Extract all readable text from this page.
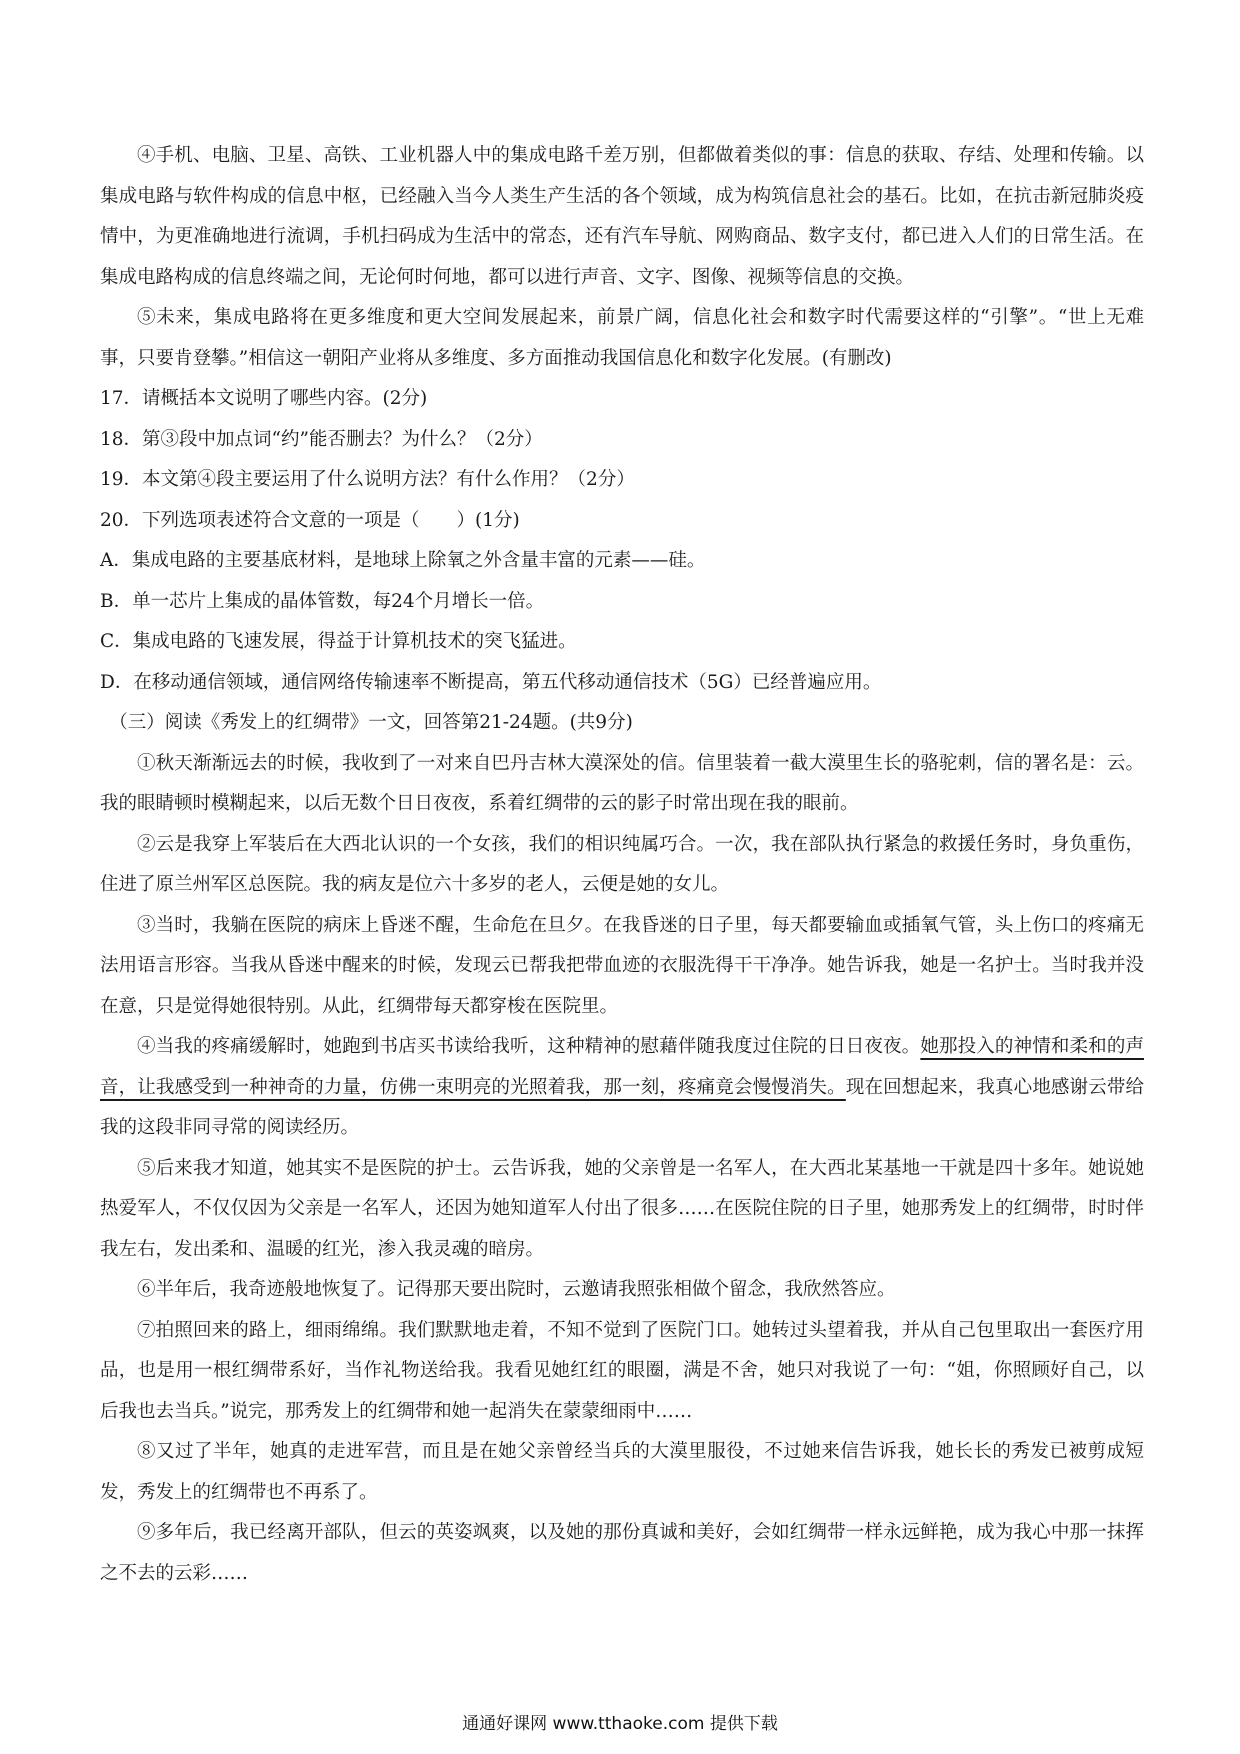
④手机、电脑、卫星、高铁、工业机器人中的集成电路千差万别，但都做着类似的事：信息的获取、存结、处理和传输。以集成电路与软件构成的信息中枢，已经融入当今人类生产生活的各个领域，成为构筑信息社会的基石。比如，在抗击新冠肺炎疫情中，为更准确地进行流调，手机扫码成为生活中的常态，还有汽车导航、网购商品、数字支付，都已进入人们的日常生活。在集成电路构成的信息终端之间，无论何时何地，都可以进行声音、文字、图像、视频等信息的交换。

⑤未来，集成电路将在更多维度和更大空间发展起来，前景广阔，信息化社会和数字时代需要这样的“引擎”。“世上无难事，只要肯登攀。”相信这一朝阳产业将从多维度、多方面推动我国信息化和数字化发展。(有删改)

17．请概括本文说明了哪些内容。(2分)

18．第③段中加点词“约”能否删去？为什么？（2分）

19．本文第④段主要运用了什么说明方法？有什么作用？（2分）

20．下列选项表述符合文意的一项是（　　）(1分)

A．集成电路的主要基底材料，是地球上除氧之外含量丰富的元素——硅。

B．单一芯片上集成的晶体管数，每24个月增长一倍。

C．集成电路的飞速发展，得益于计算机技术的突飞猛进。

D．在移动通信领域，通信网络传输速率不断提高，第五代移动通信技术（5G）已经普遍应用。

（三）阅读《秀发上的红绸带》一文，回答第21-24题。(共9分)

①秋天渐渐远去的时候，我收到了一对来自巴丹吉林大漠深处的信。信里装着一截大漠里生长的骆驼刺，信的署名是：云。我的眼睛顿时模糊起来，以后无数个日日夜夜，系着红绸带的云的影子时常出现在我的眼前。

②云是我穿上军装后在大西北认识的一个女孩，我们的相识纯属巧合。一次，我在部队执行紧急的救援任务时，身负重伤，住进了原兰州军区总医院。我的病友是位六十多岁的老人，云便是她的女儿。

③当时，我躺在医院的病床上昏迷不醒，生命危在旦夕。在我昏迷的日子里，每天都要输血或插氧气管，头上伤口的疼痛无法用语言形容。当我从昏迷中醒来的时候，发现云已帮我把带血迹的衣服洗得干干净净。她告诉我，她是一名护士。当时我并没在意，只是觉得她很特别。从此，红绸带每天都穿梭在医院里。

④当我的疼痛缓解时，她跑到书店买书读给我听，这种精神的慰藉伴随我度过住院的日日夜夜。她那投入的神情和柔和的声音，让我感受到一种神奇的力量，仿佛一束明亮的光照着我，那一刻，疼痛竟会慢慢消失。现在回想起来，我真心地感谢云带给我的这段非同寻常的阅读经历。

⑤后来我才知道，她其实不是医院的护士。云告诉我，她的父亲曾是一名军人，在大西北某基地一干就是四十多年。她说她热爱军人，不仅仅因为父亲是一名军人，还因为她知道军人付出了很多……在医院住院的日子里，她那秀发上的红绸带，时时伴我左右，发出柔和、温暖的红光，渗入我灵魂的暗房。

⑥半年后，我奇迹般地恢复了。记得那天要出院时，云邀请我照张相做个留念，我欣然答应。

⑦拍照回来的路上，细雨绵绵。我们默默地走着，不知不觉到了医院门口。她转过头望着我，并从自己包里取出一套医疗用品，也是用一根红绸带系好，当作礼物送给我。我看见她红红的眼圈，满是不舍，她只对我说了一句：“姐，你照顾好自己，以后我也去当兵。”说完，那秀发上的红绸带和她一起消失在蒙蒙细雨中……

⑧又过了半年，她真的走进军营，而且是在她父亲曾经当兵的大漠里服役，不过她来信告诉我，她长长的秀发已被剪成短发，秀发上的红绸带也不再系了。

⑨多年后，我已经离开部队，但云的英姿飒爽，以及她的那份真诚和美好，会如红绸带一样永远鲜艳，成为我心中那一抹挥之不去的云彩……

通通好课网 www.tthaoke.com 提供下载
